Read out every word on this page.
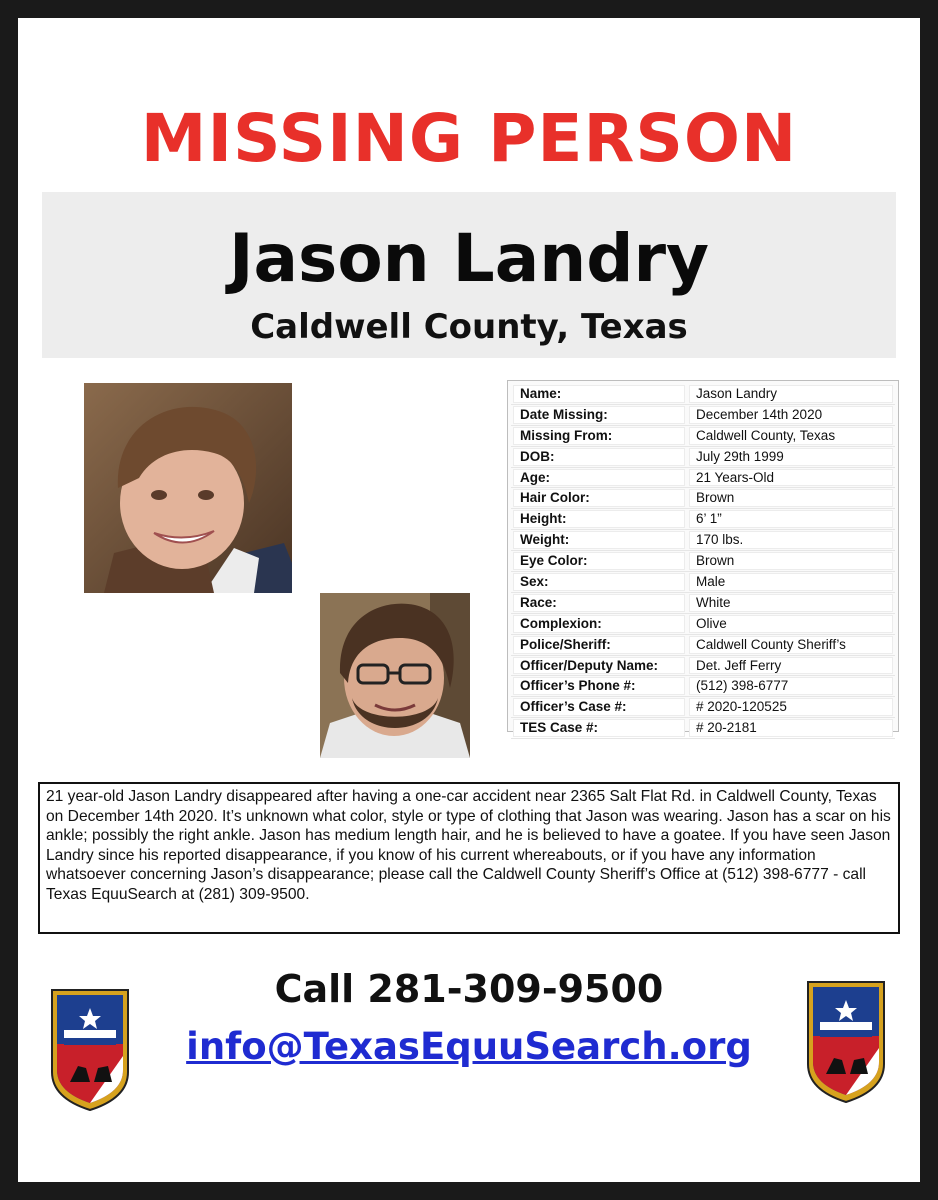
MISSING PERSON
Jason Landry
Caldwell County, Texas
Name:	Jason Landry
Date Missing:	December 14th 2020
Missing From:	Caldwell County, Texas
DOB:	July 29th 1999
Age:	21 Years-Old
Hair Color:	Brown
Height:	6’ 1”
Weight:	170 lbs.
Eye Color:	Brown
Sex:	Male
Race:	White
Complexion:	Olive
Police/Sheriff:	Caldwell County Sheriff’s
Officer/Deputy Name:	Det. Jeff Ferry
Officer’s Phone #:	(512) 398-6777
Officer’s Case #:	# 2020-120525
TES Case #:	# 20-2181

21 year-old Jason Landry disappeared after having a one-car accident near 2365 Salt Flat Rd. in Caldwell County, Texas on December 14th 2020. It’s unknown what color, style or type of clothing that Jason was wearing. Jason has a scar on his ankle; possibly the right ankle. Jason has medium length hair, and he is believed to have a goatee. If you have seen Jason Landry since his reported disappearance, if you know of his current whereabouts, or if you have any information whatsoever concerning Jason’s disappearance; please call the Caldwell County Sheriff’s Office at (512) 398-6777 - call Texas EquuSearch at (281) 309-9500.

Call 281-309-9500
info@TexasEquuSearch.org
